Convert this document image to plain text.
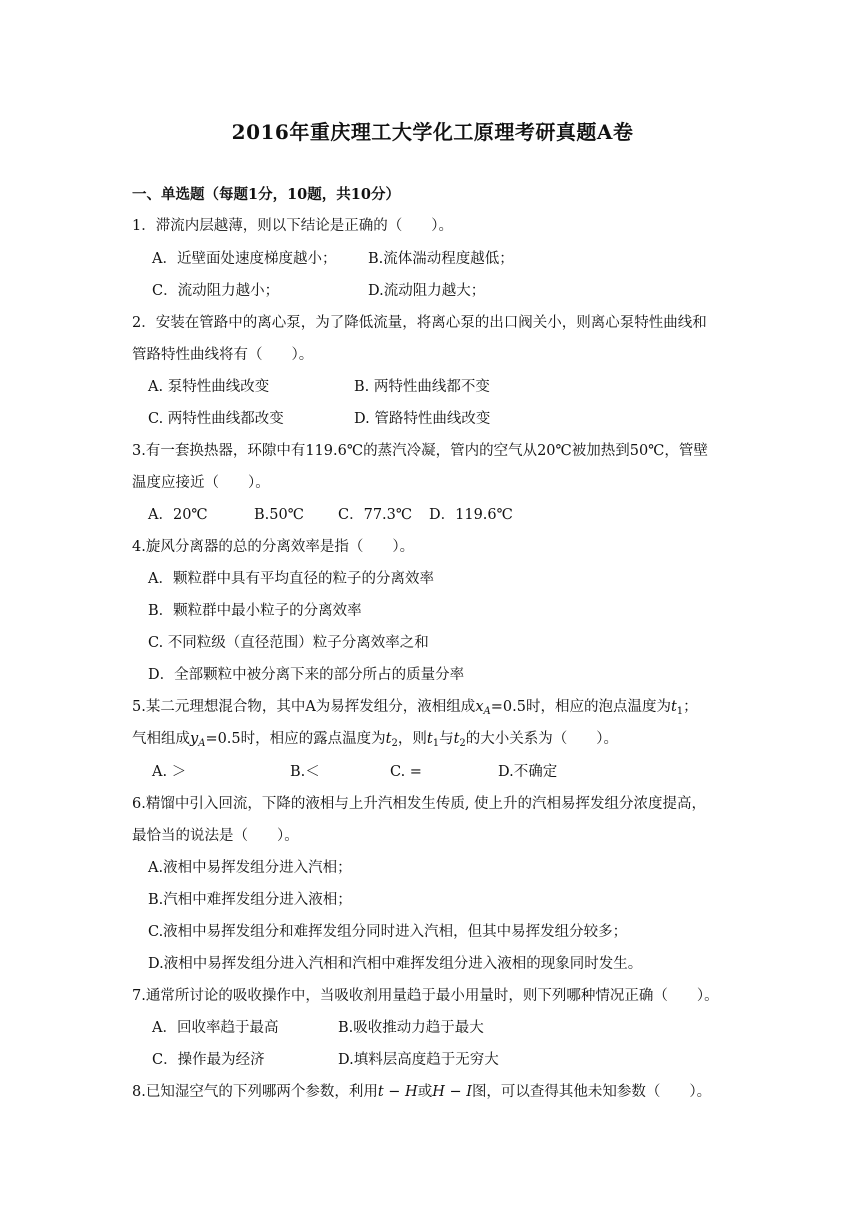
2016年重庆理工大学化工原理考研真题A卷
一、单选题（每题1分，10题，共10分）
1．滞流内层越薄，则以下结论是正确的（　　）。
A．近壁面处速度梯度越小； B.流体湍动程度越低；
C．流动阻力越小；	D.流动阻力越大；
2．安装在管路中的离心泵，为了降低流量，将离心泵的出口阀关小，则离心泵特性曲线和
管路特性曲线将有（　　）。
A. 泵特性曲线改变	B. 两特性曲线都不变
C. 两特性曲线都改变	D. 管路特性曲线改变
3.有一套换热器，环隙中有119.6℃的蒸汽冷凝，管内的空气从20℃被加热到50℃，管壁
温度应接近（　　）。
A．20℃	B.50℃ C．77.3℃ D．119.6℃
4.旋风分离器的总的分离效率是指（　　）。
A．颗粒群中具有平均直径的粒子的分离效率
B．颗粒群中最小粒子的分离效率
C. 不同粒级（直径范围）粒子分离效率之和
D．全部颗粒中被分离下来的部分所占的质量分率
5.某二元理想混合物，其中A为易挥发组分，液相组成$x_A=0.5$时，相应的泡点温度为$t_1$；
气相组成$y_A=0.5$时，相应的露点温度为$t_2$，则$t_1$与$t_2$的大小关系为（　　）。
A. ＞	B.＜	C. =	D.不确定
6.精馏中引入回流，下降的液相与上升汽相发生传质, 使上升的汽相易挥发组分浓度提高，
最恰当的说法是（　　）。
A.液相中易挥发组分进入汽相；
B.汽相中难挥发组分进入液相；
C.液相中易挥发组分和难挥发组分同时进入汽相，但其中易挥发组分较多；
D.液相中易挥发组分进入汽相和汽相中难挥发组分进入液相的现象同时发生。
7.通常所讨论的吸收操作中，当吸收剂用量趋于最小用量时，则下列哪种情况正确（　　）。
A．回收率趋于最高	B.吸收推动力趋于最大
C．操作最为经济	D.填料层高度趋于无穷大
8.已知湿空气的下列哪两个参数，利用t − H或H − I图，可以查得其他未知参数（　　）。
